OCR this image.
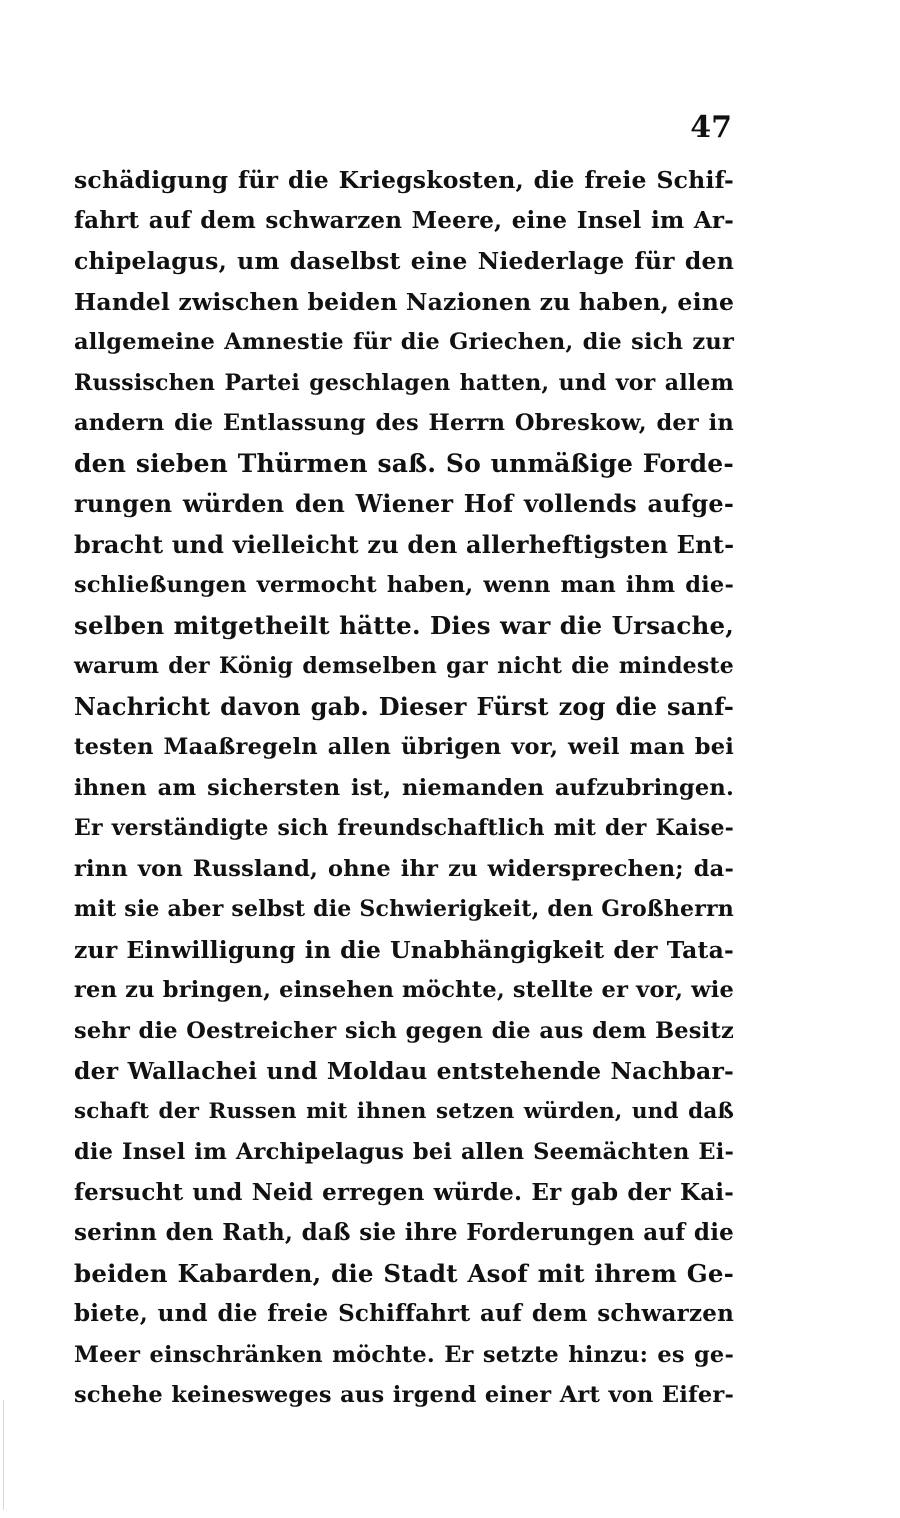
47
schädigung für die Kriegskosten, die freie Schif-
fahrt auf dem schwarzen Meere, eine Insel im Ar-
chipelagus, um daselbst eine Niederlage für den
Handel zwischen beiden Nazionen zu haben, eine
allgemeine Amnestie für die Griechen, die sich zur
Russischen Partei geschlagen hatten, und vor allem
andern die Entlassung des Herrn Obreskow, der in
den sieben Thürmen saß. So unmäßige Forde-
rungen würden den Wiener Hof vollends aufge-
bracht und vielleicht zu den allerheftigsten Ent-
schließungen vermocht haben, wenn man ihm die-
selben mitgetheilt hätte. Dies war die Ursache,
warum der König demselben gar nicht die mindeste
Nachricht davon gab. Dieser Fürst zog die sanf-
testen Maaßregeln allen übrigen vor, weil man bei
ihnen am sichersten ist, niemanden aufzubringen.
Er verständigte sich freundschaftlich mit der Kaise-
rinn von Russland, ohne ihr zu widersprechen; da-
mit sie aber selbst die Schwierigkeit, den Großherrn
zur Einwilligung in die Unabhängigkeit der Tata-
ren zu bringen, einsehen möchte, stellte er vor, wie
sehr die Oestreicher sich gegen die aus dem Besitz
der Wallachei und Moldau entstehende Nachbar-
schaft der Russen mit ihnen setzen würden, und daß
die Insel im Archipelagus bei allen Seemächten Ei-
fersucht und Neid erregen würde. Er gab der Kai-
serinn den Rath, daß sie ihre Forderungen auf die
beiden Kabarden, die Stadt Asof mit ihrem Ge-
biete, und die freie Schiffahrt auf dem schwarzen
Meer einschränken möchte. Er setzte hinzu: es ge-
schehe keinesweges aus irgend einer Art von Eifer-
